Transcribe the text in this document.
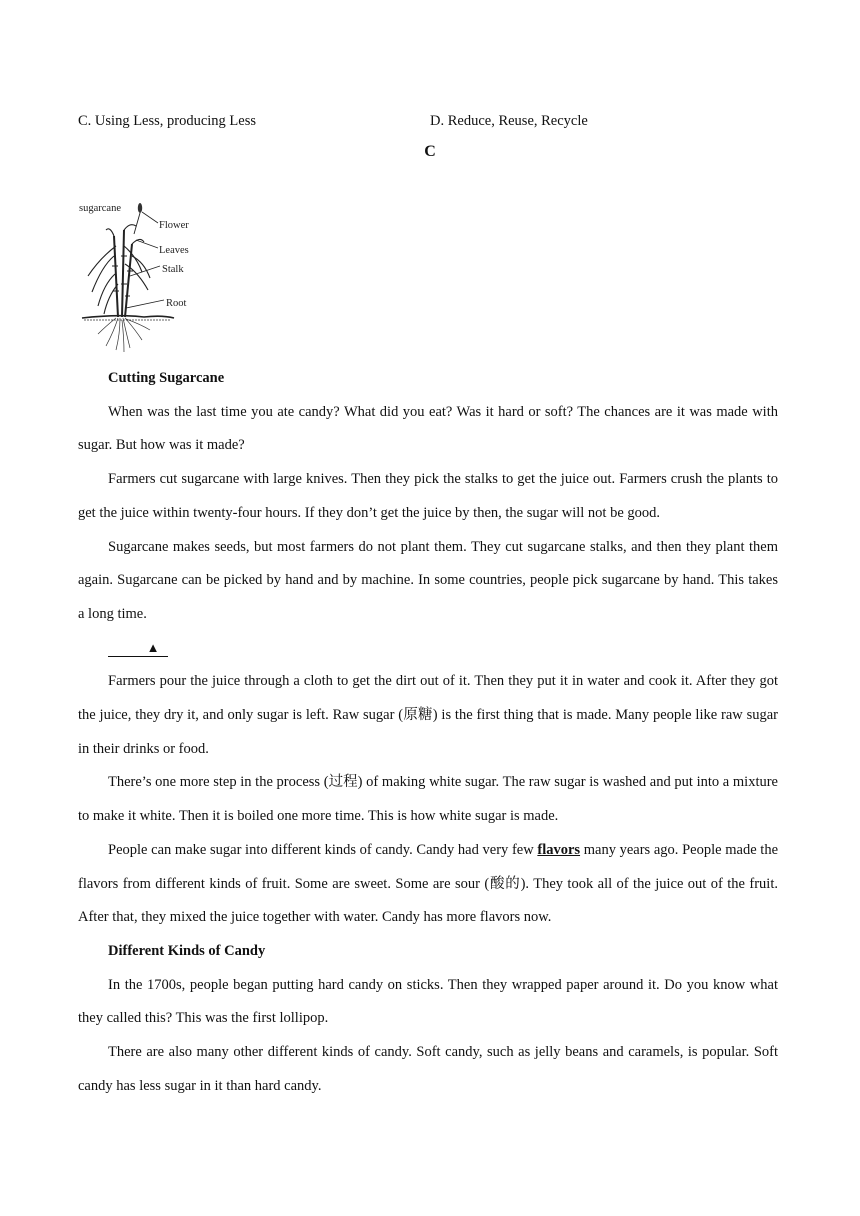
C. Using Less, producing Less	D. Reduce, Reuse, Recycle
C
sugarcane
Flower
Leaves
Stalk
Root

Cutting Sugarcane

When was the last time you ate candy? What did you eat? Was it hard or soft? The chances are it was made with sugar. But how was it made?

Farmers cut sugarcane with large knives. Then they pick the stalks to get the juice out. Farmers crush the plants to get the juice within twenty-four hours. If they don’t get the juice by then, the sugar will not be good.

Sugarcane makes seeds, but most farmers do not plant them. They cut sugarcane stalks, and then they plant them again. Sugarcane can be picked by hand and by machine. In some countries, people pick sugarcane by hand. This takes a long time.

▲

Farmers pour the juice through a cloth to get the dirt out of it. Then they put it in water and cook it. After they got the juice, they dry it, and only sugar is left. Raw sugar (原糖) is the first thing that is made. Many people like raw sugar in their drinks or food.

There’s one more step in the process (过程) of making white sugar. The raw sugar is washed and put into a mixture to make it white. Then it is boiled one more time. This is how white sugar is made.

People can make sugar into different kinds of candy. Candy had very few flavors many years ago. People made the flavors from different kinds of fruit. Some are sweet. Some are sour (酸的). They took all of the juice out of the fruit. After that, they mixed the juice together with water. Candy has more flavors now.

Different Kinds of Candy

In the 1700s, people began putting hard candy on sticks. Then they wrapped paper around it. Do you know what they called this? This was the first lollipop.

There are also many other different kinds of candy. Soft candy, such as jelly beans and caramels, is popular. Soft candy has less sugar in it than hard candy.
